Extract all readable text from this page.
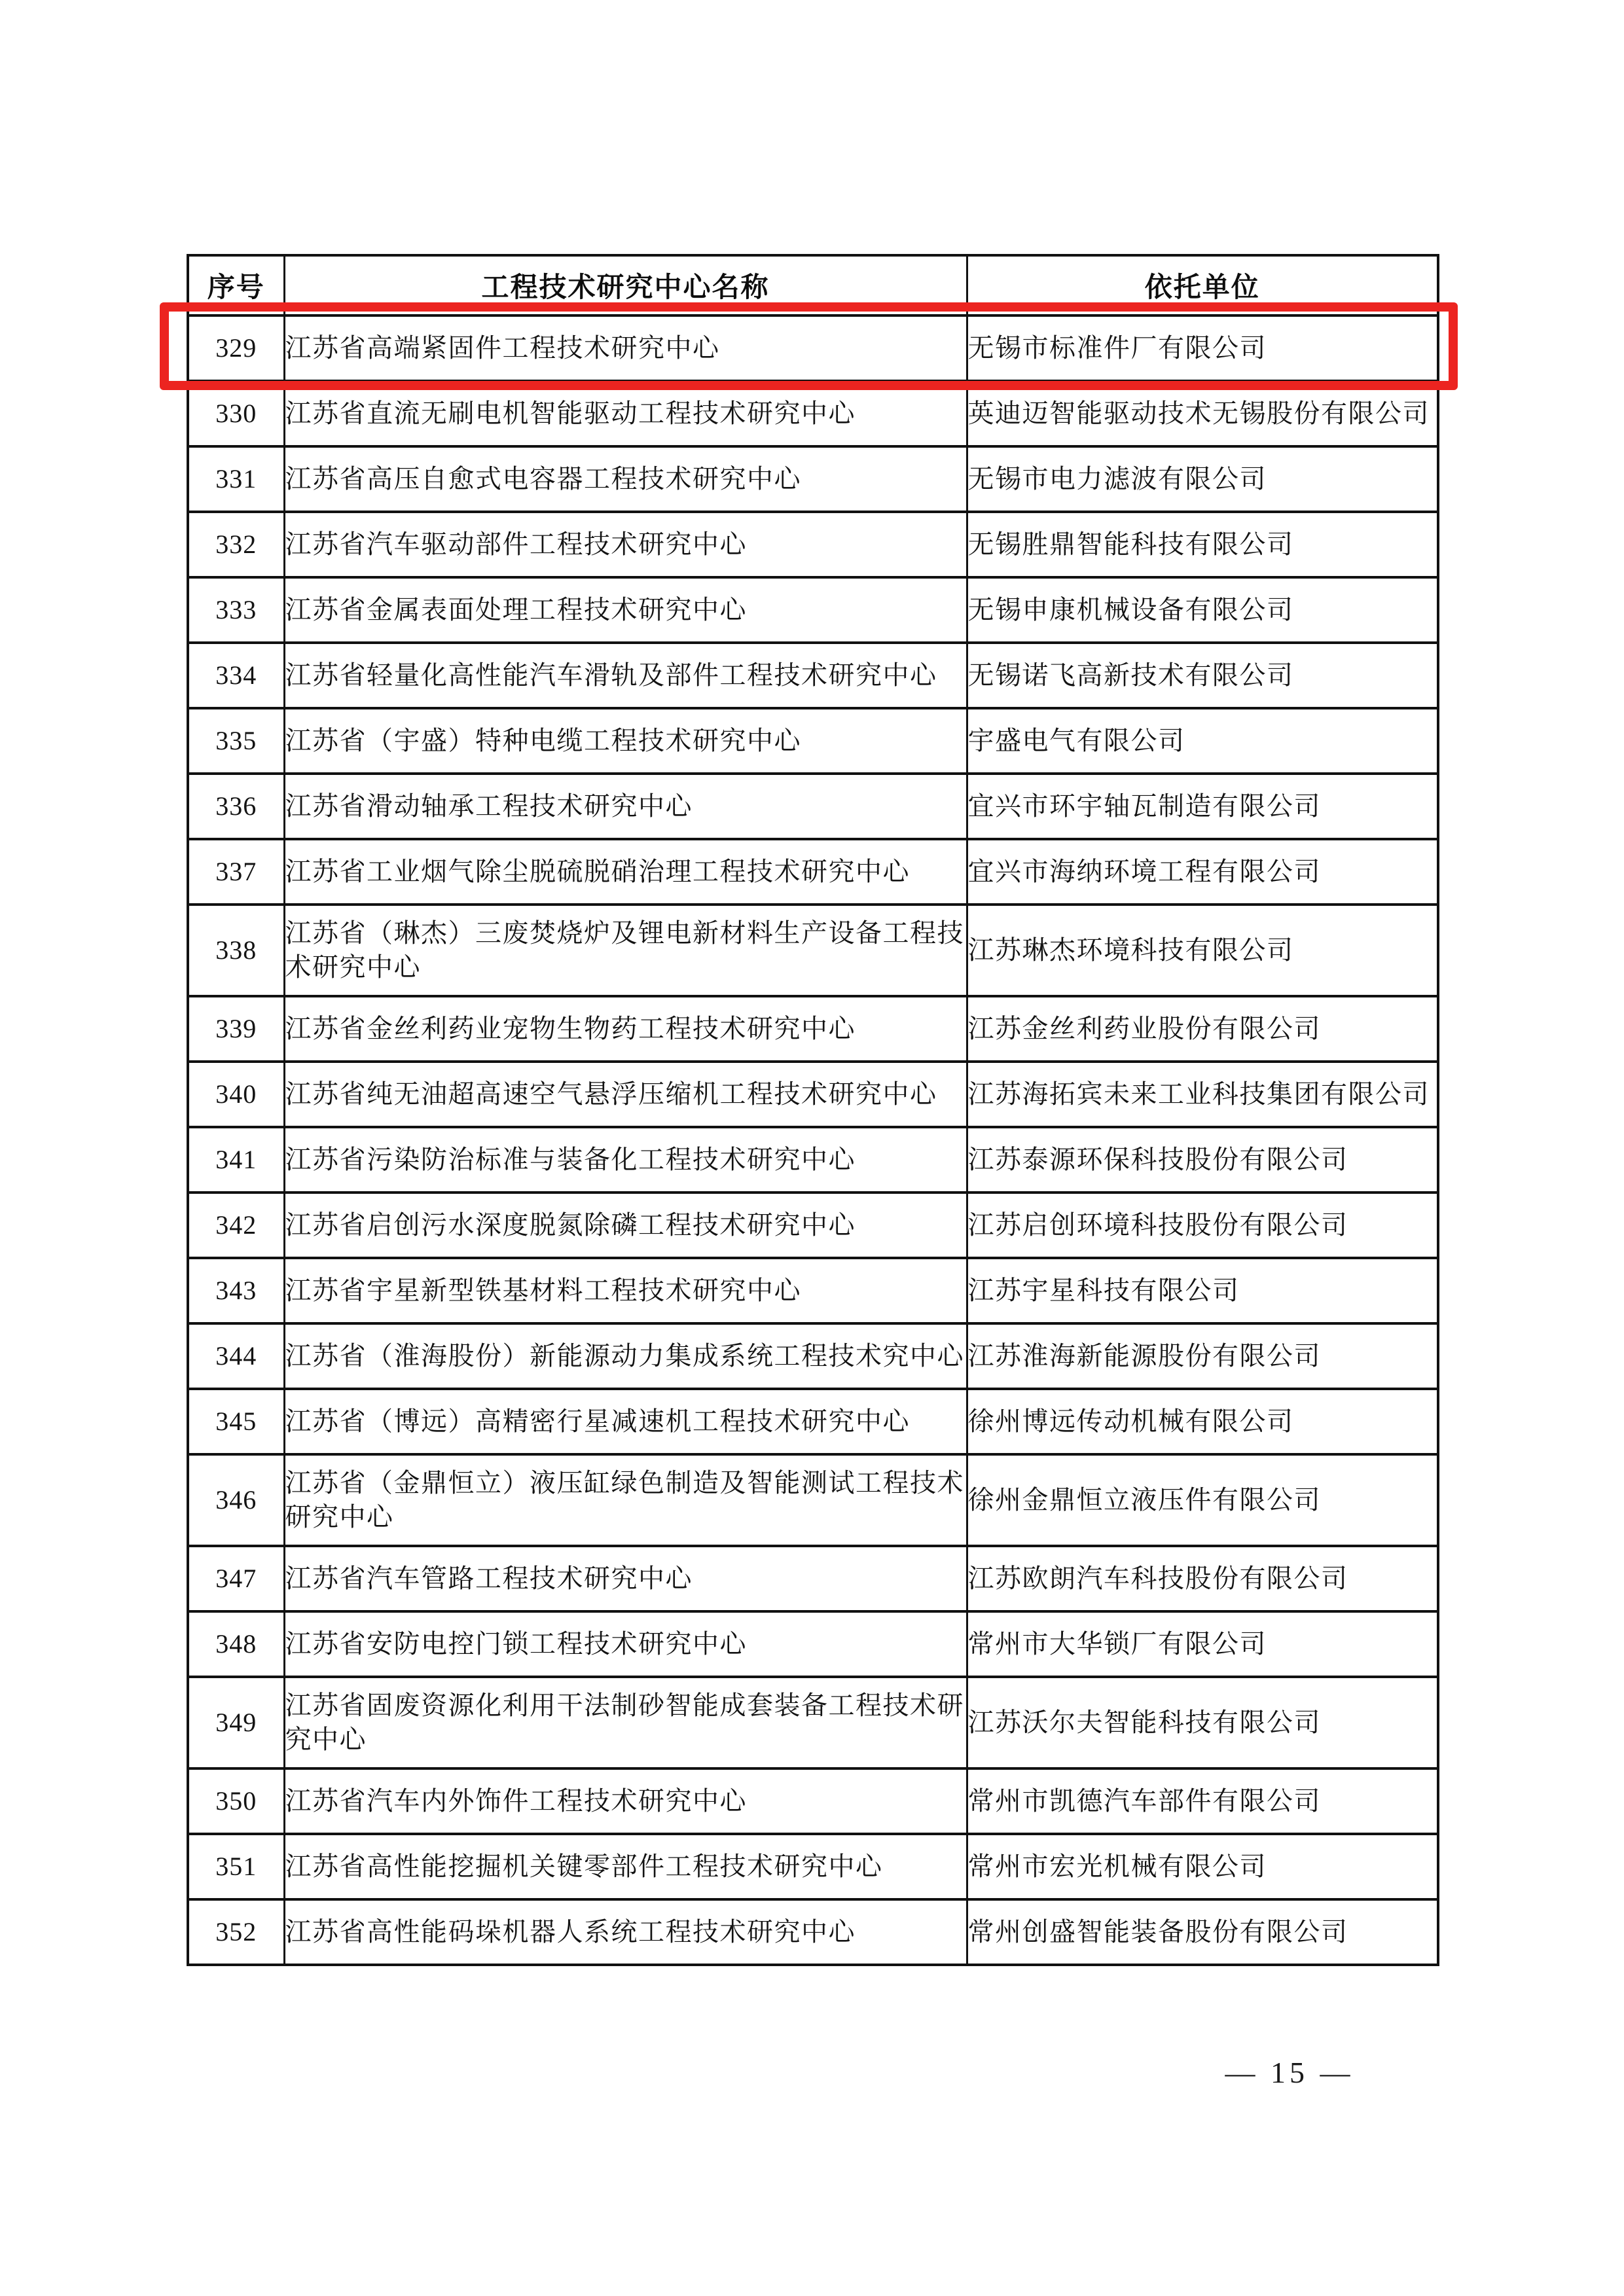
序号	工程技术研究中心名称	依托单位
329	江苏省高端紧固件工程技术研究中心	无锡市标准件厂有限公司
330	江苏省直流无刷电机智能驱动工程技术研究中心	英迪迈智能驱动技术无锡股份有限公司
331	江苏省高压自愈式电容器工程技术研究中心	无锡市电力滤波有限公司
332	江苏省汽车驱动部件工程技术研究中心	无锡胜鼎智能科技有限公司
333	江苏省金属表面处理工程技术研究中心	无锡申康机械设备有限公司
334	江苏省轻量化高性能汽车滑轨及部件工程技术研究中心	无锡诺飞高新技术有限公司
335	江苏省（宇盛）特种电缆工程技术研究中心	宇盛电气有限公司
336	江苏省滑动轴承工程技术研究中心	宜兴市环宇轴瓦制造有限公司
337	江苏省工业烟气除尘脱硫脱硝治理工程技术研究中心	宜兴市海纳环境工程有限公司
338	江苏省（琳杰）三废焚烧炉及锂电新材料生产设备工程技术研究中心	江苏琳杰环境科技有限公司
339	江苏省金丝利药业宠物生物药工程技术研究中心	江苏金丝利药业股份有限公司
340	江苏省纯无油超高速空气悬浮压缩机工程技术研究中心	江苏海拓宾未来工业科技集团有限公司
341	江苏省污染防治标准与装备化工程技术研究中心	江苏泰源环保科技股份有限公司
342	江苏省启创污水深度脱氮除磷工程技术研究中心	江苏启创环境科技股份有限公司
343	江苏省宇星新型铁基材料工程技术研究中心	江苏宇星科技有限公司
344	江苏省（淮海股份）新能源动力集成系统工程技术究中心	江苏淮海新能源股份有限公司
345	江苏省（博远）高精密行星减速机工程技术研究中心	徐州博远传动机械有限公司
346	江苏省（金鼎恒立）液压缸绿色制造及智能测试工程技术研究中心	徐州金鼎恒立液压件有限公司
347	江苏省汽车管路工程技术研究中心	江苏欧朗汽车科技股份有限公司
348	江苏省安防电控门锁工程技术研究中心	常州市大华锁厂有限公司
349	江苏省固废资源化利用干法制砂智能成套装备工程技术研究中心	江苏沃尔夫智能科技有限公司
350	江苏省汽车内外饰件工程技术研究中心	常州市凯德汽车部件有限公司
351	江苏省高性能挖掘机关键零部件工程技术研究中心	常州市宏光机械有限公司
352	江苏省高性能码垛机器人系统工程技术研究中心	常州创盛智能装备股份有限公司
— 15 —
